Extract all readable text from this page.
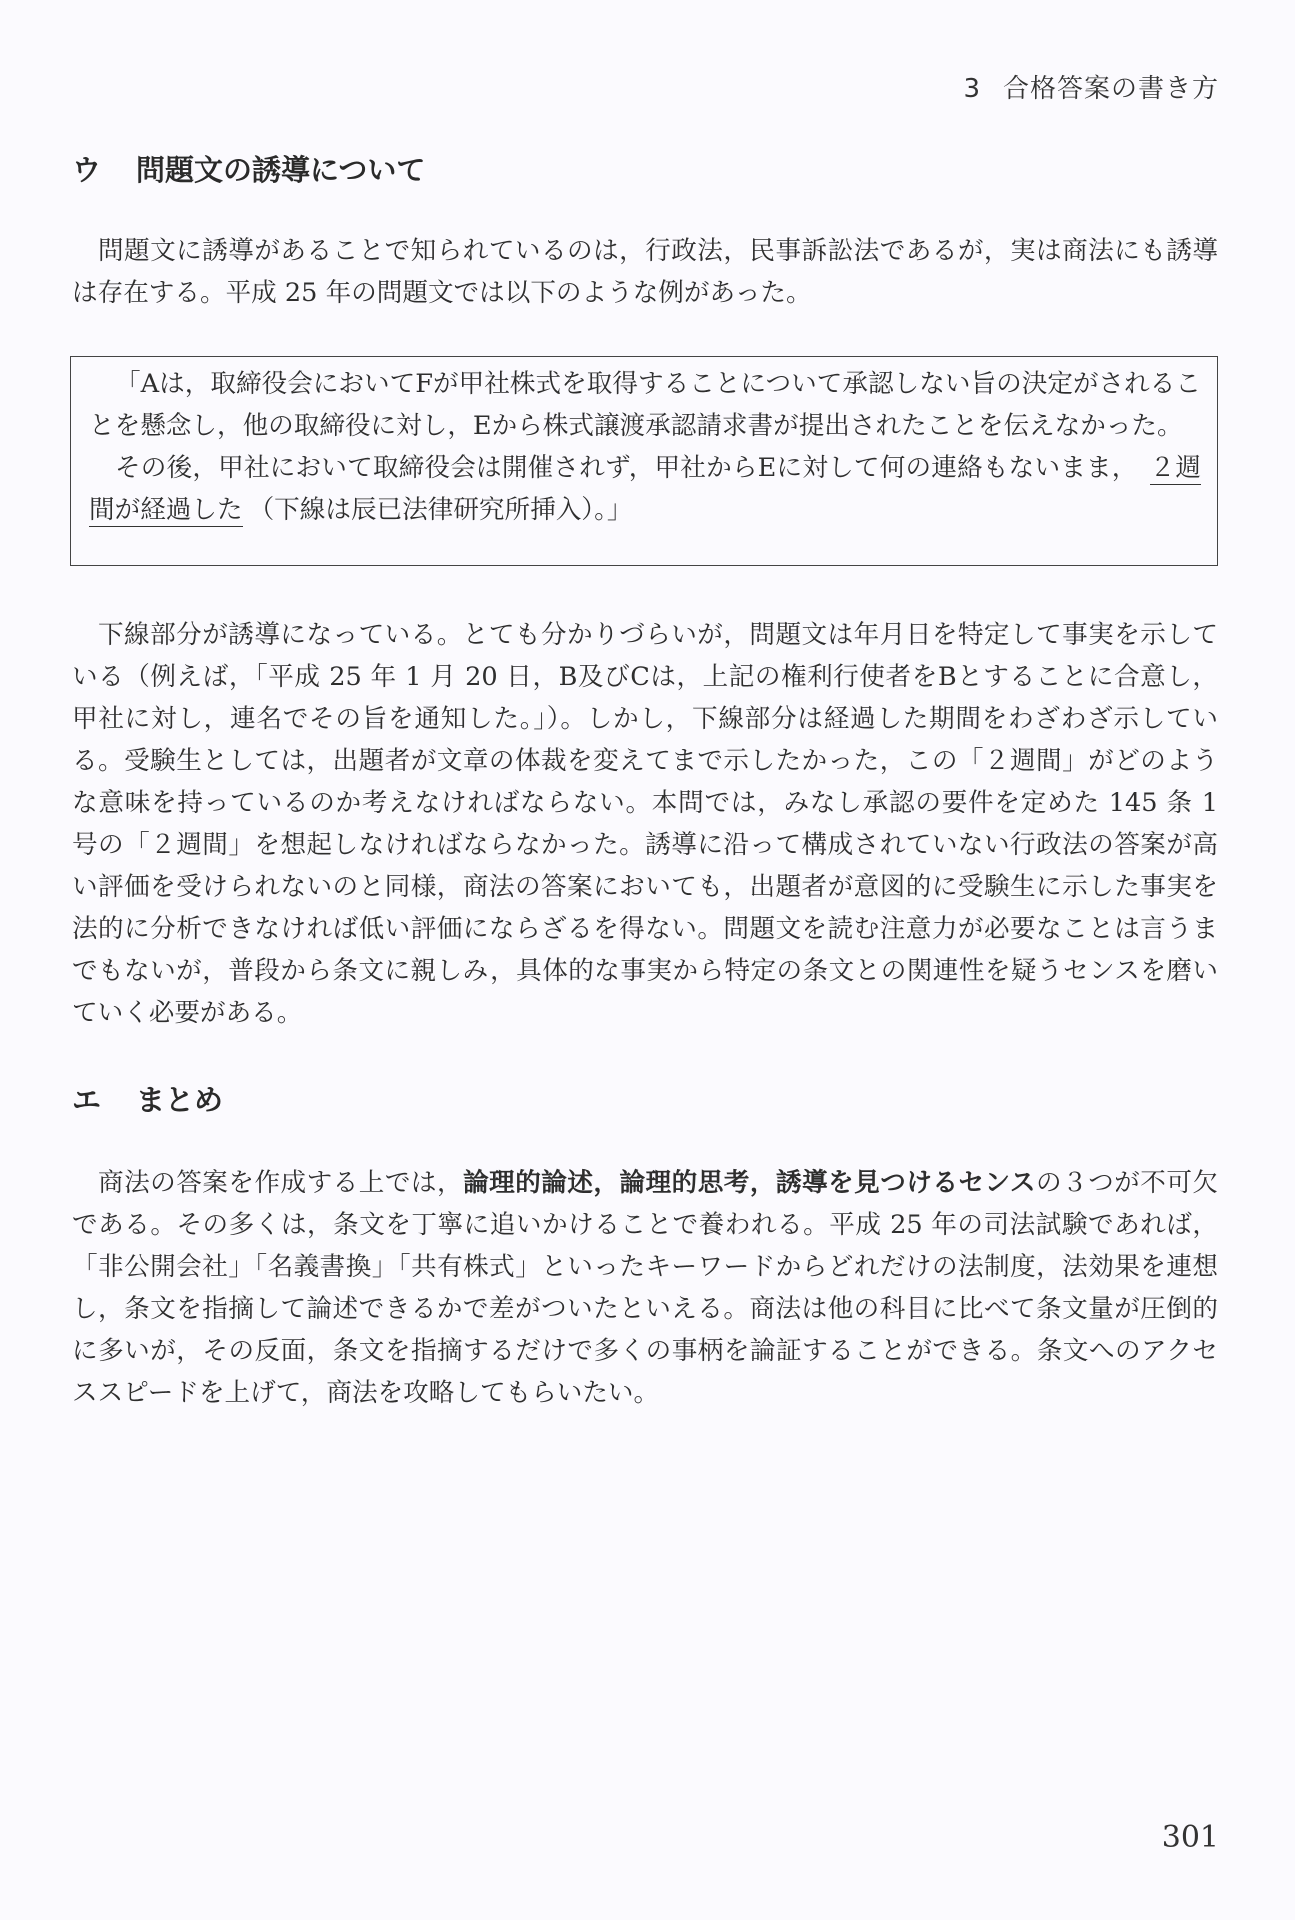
3 合格答案の書き方
ウ 問題文の誘導について

問題文に誘導があることで知られているのは，行政法，民事訴訟法であるが，実は商法にも誘導は存在する。平成 25 年の問題文では以下のような例があった。

「Aは，取締役会においてFが甲社株式を取得することについて承認しない旨の決定がされることを懸念し，他の取締役に対し，Eから株式譲渡承認請求書が提出されたことを伝えなかった。

その後，甲社において取締役会は開催されず，甲社からEに対して何の連絡もないまま， ２週間が経過した （下線は辰已法律研究所挿入）。」

下線部分が誘導になっている。とても分かりづらいが，問題文は年月日を特定して事実を示している（例えば，「平成 25 年 1 月 20 日，B及びCは，上記の権利行使者をBとすることに合意し，甲社に対し，連名でその旨を通知した。」）。しかし，下線部分は経過した期間をわざわざ示している。受験生としては，出題者が文章の体裁を変えてまで示したかった，この「２週間」がどのような意味を持っているのか考えなければならない。本問では，みなし承認の要件を定めた 145 条 1 号の「２週間」を想起しなければならなかった。誘導に沿って構成されていない行政法の答案が高い評価を受けられないのと同様，商法の答案においても，出題者が意図的に受験生に示した事実を法的に分析できなければ低い評価にならざるを得ない。問題文を読む注意力が必要なことは言うまでもないが，普段から条文に親しみ，具体的な事実から特定の条文との関連性を疑うセンスを磨いていく必要がある。

エ まとめ

商法の答案を作成する上では，論理的論述，論理的思考，誘導を見つけるセンスの３つが不可欠である。その多くは，条文を丁寧に追いかけることで養われる。平成 25 年の司法試験であれば，「非公開会社」「名義書換」「共有株式」といったキーワードからどれだけの法制度，法効果を連想し，条文を指摘して論述できるかで差がついたといえる。商法は他の科目に比べて条文量が圧倒的に多いが，その反面，条文を指摘するだけで多くの事柄を論証することができる。条文へのアクセススピードを上げて，商法を攻略してもらいたい。

301
